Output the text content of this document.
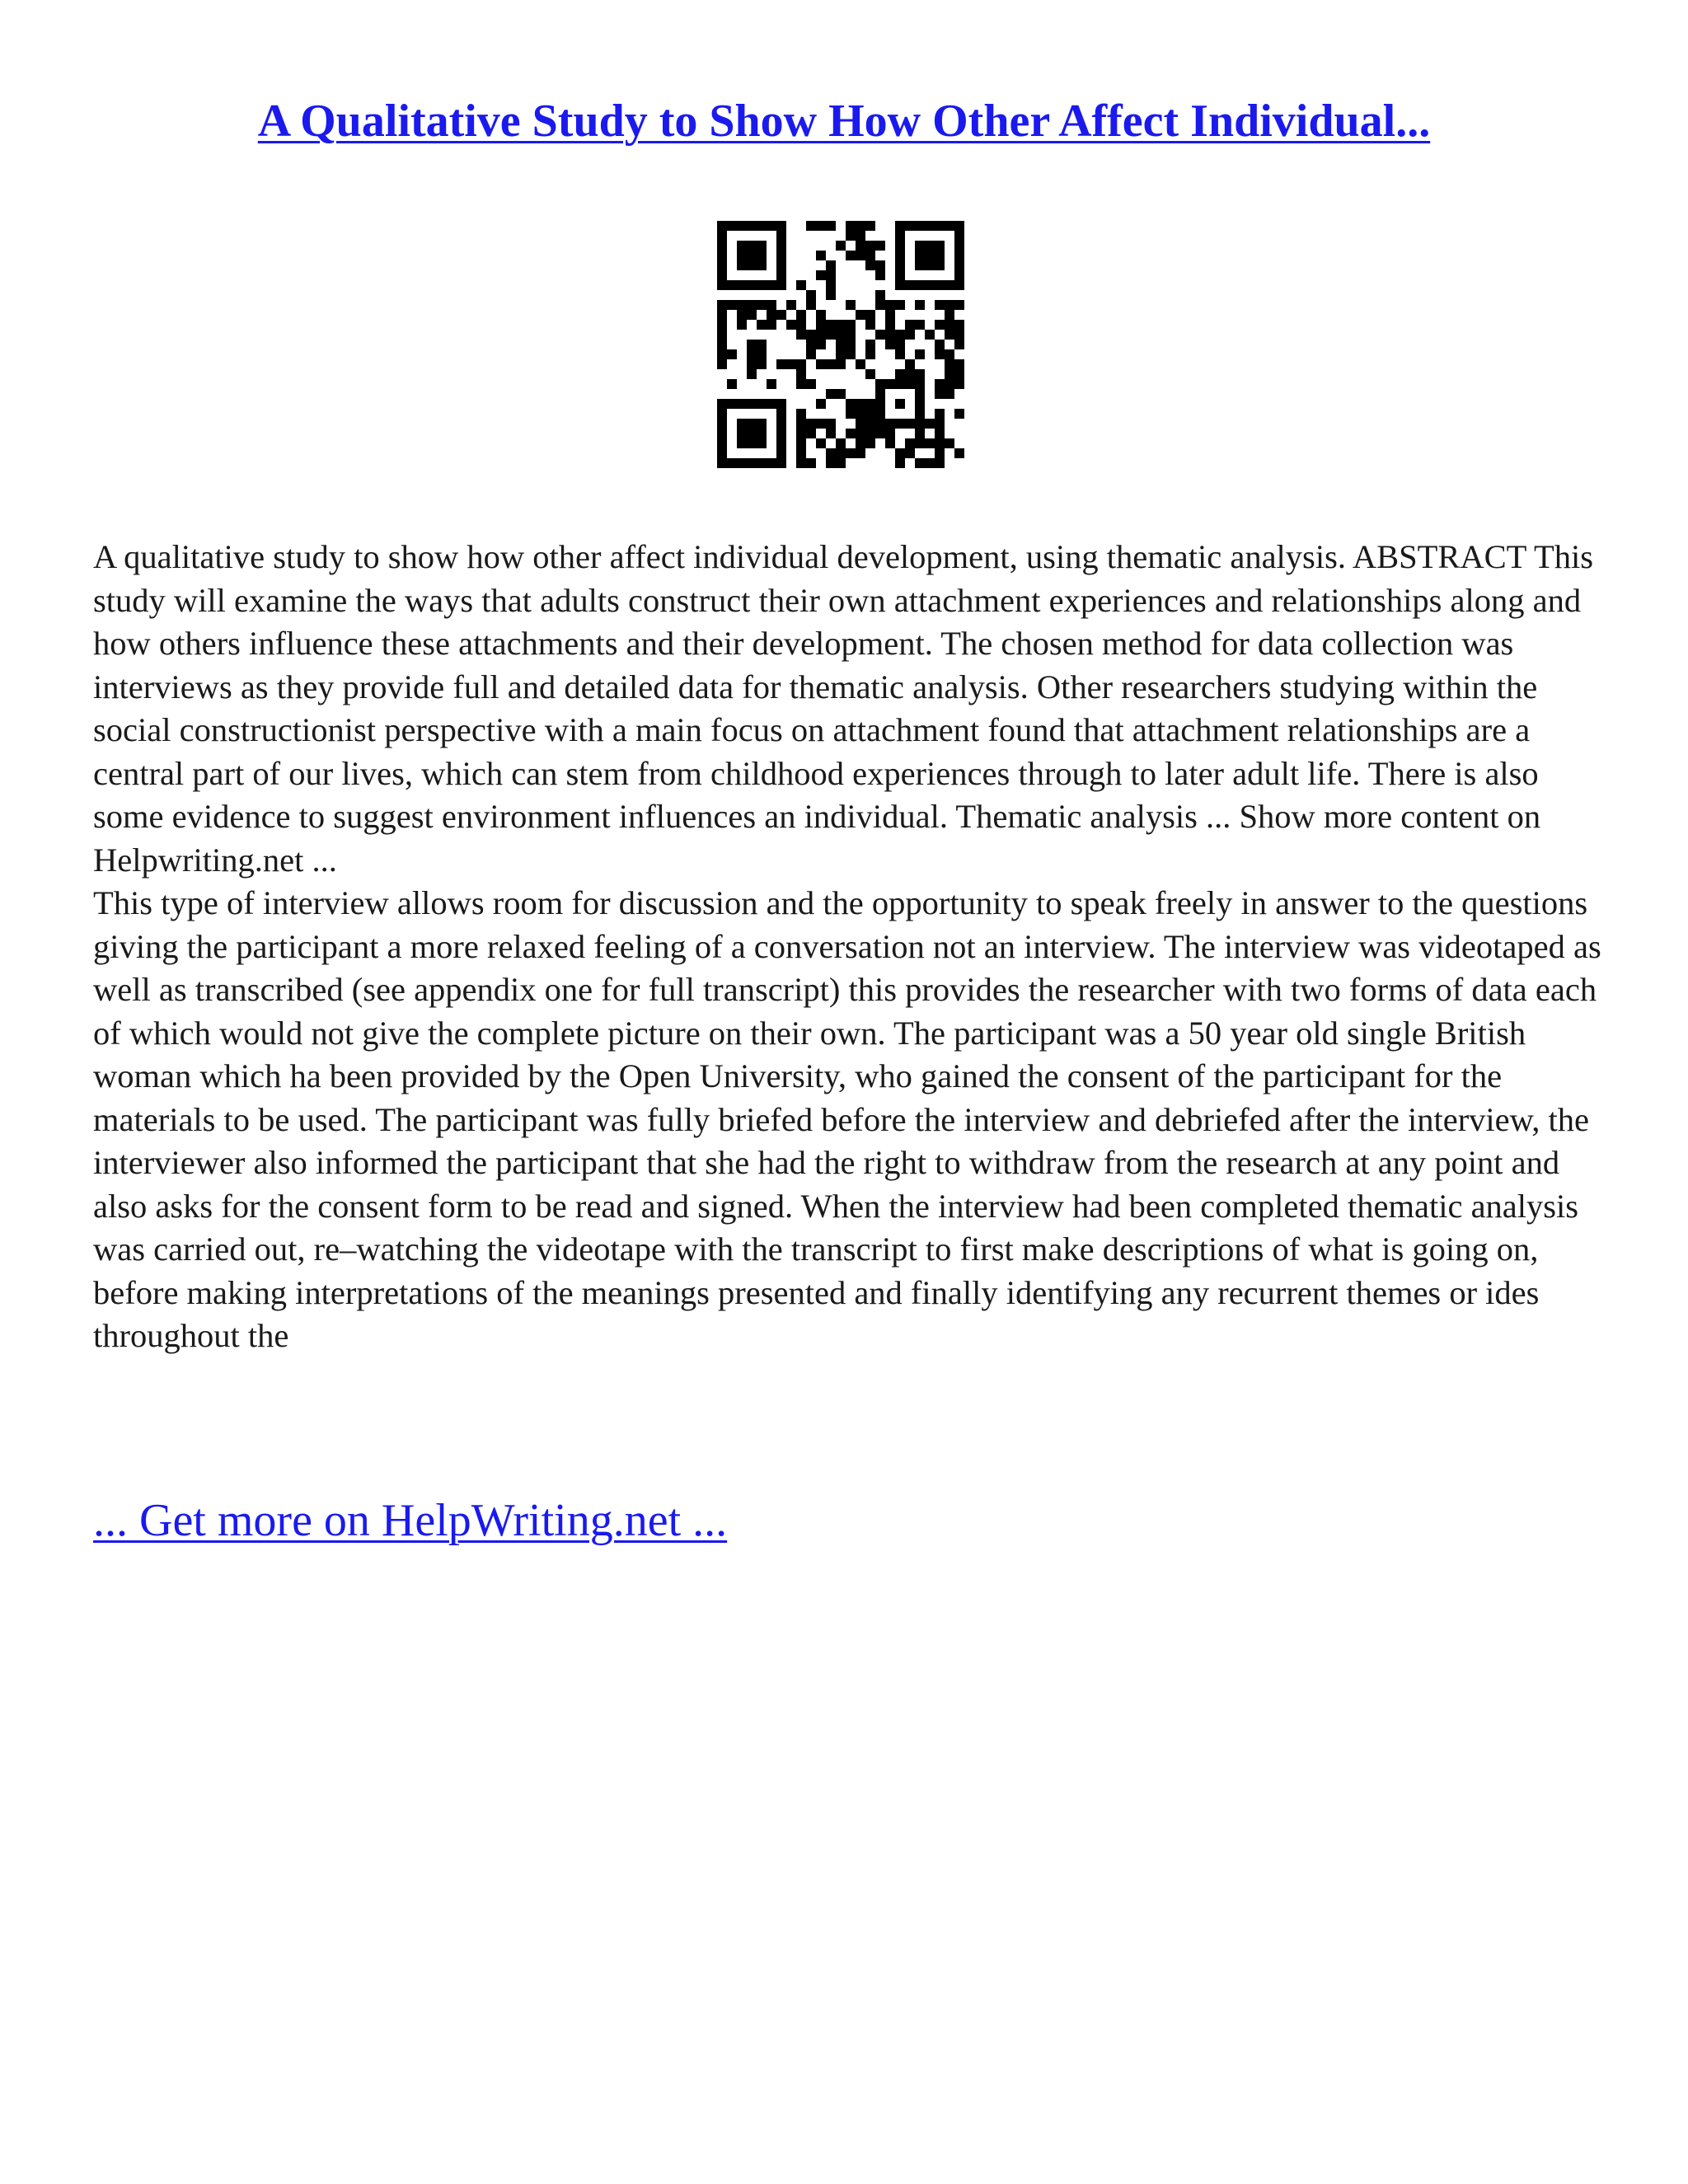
A Qualitative Study to Show How Other Affect Individual...

A qualitative study to show how other affect individual development, using thematic analysis. ABSTRACT This study will examine the ways that adults construct their own attachment experiences and relationships along and how others influence these attachments and their development. The chosen method for data collection was interviews as they provide full and detailed data for thematic analysis. Other researchers studying within the social constructionist perspective with a main focus on attachment found that attachment relationships are a central part of our lives, which can stem from childhood experiences through to later adult life. There is also some evidence to suggest environment influences an individual. Thematic analysis ... Show more content on Helpwriting.net ...

This type of interview allows room for discussion and the opportunity to speak freely in answer to the questions giving the participant a more relaxed feeling of a conversation not an interview. The interview was videotaped as well as transcribed (see appendix one for full transcript) this provides the researcher with two forms of data each of which would not give the complete picture on their own. The participant was a 50 year old single British woman which ha been provided by the Open University, who gained the consent of the participant for the materials to be used. The participant was fully briefed before the interview and debriefed after the interview, the interviewer also informed the participant that she had the right to withdraw from the research at any point and also asks for the consent form to be read and signed. When the interview had been completed thematic analysis was carried out, re–watching the videotape with the transcript to first make descriptions of what is going on, before making interpretations of the meanings presented and finally identifying any recurrent themes or ides throughout the

... Get more on HelpWriting.net ...
